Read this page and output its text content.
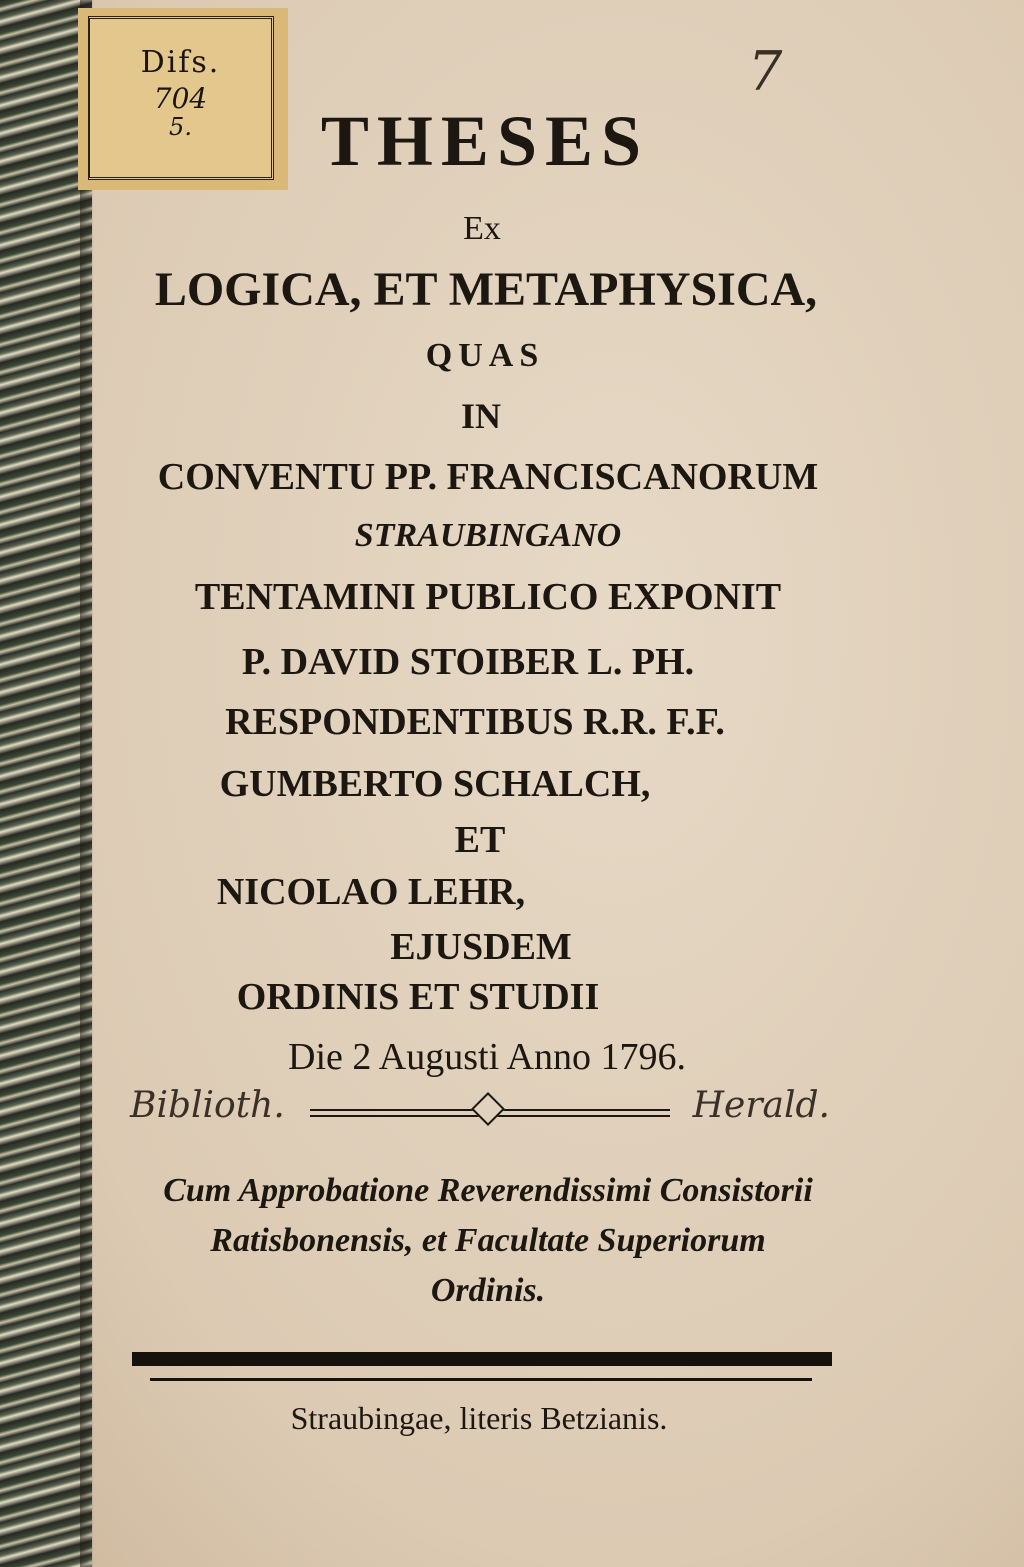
Difs.
704
5.
7
THESES
Ex
LOGICA, ET METAPHYSICA,
QUAS
IN
CONVENTU PP. FRANCISCANORUM
STRAUBINGANO
TENTAMINI PUBLICO EXPONIT
P. DAVID STOIBER L. PH.
RESPONDENTIBUS R.R. F.F.
GUMBERTO SCHALCH,
ET
NICOLAO LEHR,
EJUSDEM
ORDINIS ET STUDII
Die 2 Augusti Anno 1796.
Biblioth.	Herald.
Cum Approbatione Reverendissimi Consistorii
Ratisbonensis, et Facultate Superiorum
Ordinis.
Straubingae, literis Betzianis.
